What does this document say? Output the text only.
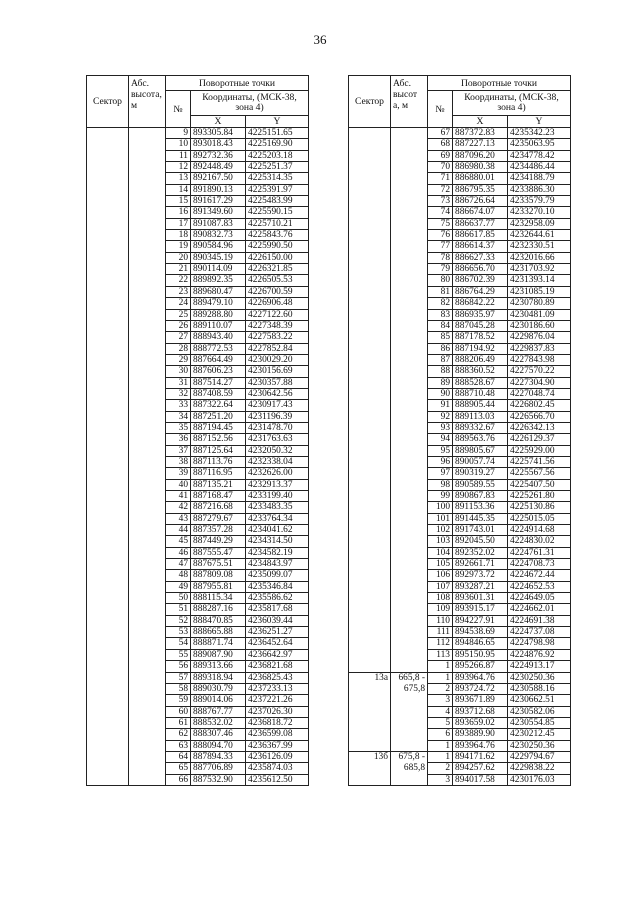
36
Сектор	Абс. высота, м	Поворотные точки		
		№	Координаты, (МСК-38, зона 4)	
			X	Y
		9	893305.84	4225151.65
		10	893018.43	4225169.90
		11	892732.36	4225203.18
		12	892448.49	4225251.37
		13	892167.50	4225314.35
		14	891890.13	4225391.97
		15	891617.29	4225483.99
		16	891349.60	4225590.15
		17	891087.83	4225710.21
		18	890832.73	4225843.76
		19	890584.96	4225990.50
		20	890345.19	4226150.00
		21	890114.09	4226321.85
		22	889892.35	4226505.53
		23	889680.47	4226700.59
		24	889479.10	4226906.48
		25	889288.80	4227122.60
		26	889110.07	4227348.39
		27	888943.40	4227583.22
		28	888772.53	4227852.84
		29	887664.49	4230029.20
		30	887606.23	4230156.69
		31	887514.27	4230357.88
		32	887408.59	4230642.56
		33	887322.64	4230917.43
		34	887251.20	4231196.39
		35	887194.45	4231478.70
		36	887152.56	4231763.63
		37	887125.64	4232050.32
		38	887113.76	4232338.04
		39	887116.95	4232626.00
		40	887135.21	4232913.37
		41	887168.47	4233199.40
		42	887216.68	4233483.35
		43	887279.67	4233764.34
		44	887357.28	4234041.62
		45	887449.29	4234314.50
		46	887555.47	4234582.19
		47	887675.51	4234843.97
		48	887809.08	4235099.07
		49	887955.81	4235346.84
		50	888115.34	4235586.62
		51	888287.16	4235817.68
		52	888470.85	4236039.44
		53	888665.88	4236251.27
		54	888871.74	4236452.64
		55	889087.90	4236642.97
		56	889313.66	4236821.68
		57	889318.94	4236825.43
		58	889030.79	4237233.13
		59	889014.06	4237221.26
		60	888767.77	4237026.30
		61	888532.02	4236818.72
		62	888307.46	4236599.08
		63	888094.70	4236367.99
		64	887894.33	4236126.09
		65	887706.89	4235874.03
		66	887532.90	4235612.50
Сектор	Абс. высот а, м	Поворотные точки		
		№	Координаты, (МСК-38, зона 4)	
			X	Y
		67	887372.83	4235342.23
		68	887227.13	4235063.95
		69	887096.20	4234778.42
		70	886980.38	4234486.44
		71	886880.01	4234188.79
		72	886795.35	4233886.30
		73	886726.64	4233579.79
		74	886674.07	4233270.10
		75	886637.77	4232958.09
		76	886617.85	4232644.61
		77	886614.37	4232330.51
		78	886627.33	4232016.66
		79	886656.70	4231703.92
		80	886702.39	4231393.14
		81	886764.29	4231085.19
		82	886842.22	4230780.89
		83	886935.97	4230481.09
		84	887045.28	4230186.60
		85	887178.52	4229876.04
		86	887194.92	4229837.83
		87	888206.49	4227843.98
		88	888360.52	4227570.22
		89	888528.67	4227304.90
		90	888710.48	4227048.74
		91	888905.44	4226802.45
		92	889113.03	4226566.70
		93	889332.67	4226342.13
		94	889563.76	4226129.37
		95	889805.67	4225929.00
		96	890057.74	4225741.56
		97	890319.27	4225567.56
		98	890589.55	4225407.50
		99	890867.83	4225261.80
		100	891153.36	4225130.86
		101	891445.35	4225015.05
		102	891743.01	4224914.68
		103	892045.50	4224830.02
		104	892352.02	4224761.31
		105	892661.71	4224708.73
		106	892973.72	4224672.44
		107	893287.21	4224652.53
		108	893601.31	4224649.05
		109	893915.17	4224662.01
		110	894227.91	4224691.38
		111	894538.69	4224737.08
		112	894846.65	4224798.98
		113	895150.95	4224876.92
		1	895266.87	4224913.17
13а	665,8 -	1	893964.76	4230250.36
	675,8	2	893724.72	4230588.16
		3	893671.89	4230662.51
		4	893712.68	4230582.06
		5	893659.02	4230554.85
		6	893889.90	4230212.45
		1	893964.76	4230250.36
13б	675,8 -	1	894171.62	4229794.67
	685,8	2	894257.62	4229838.22
		3	894017.58	4230176.03
